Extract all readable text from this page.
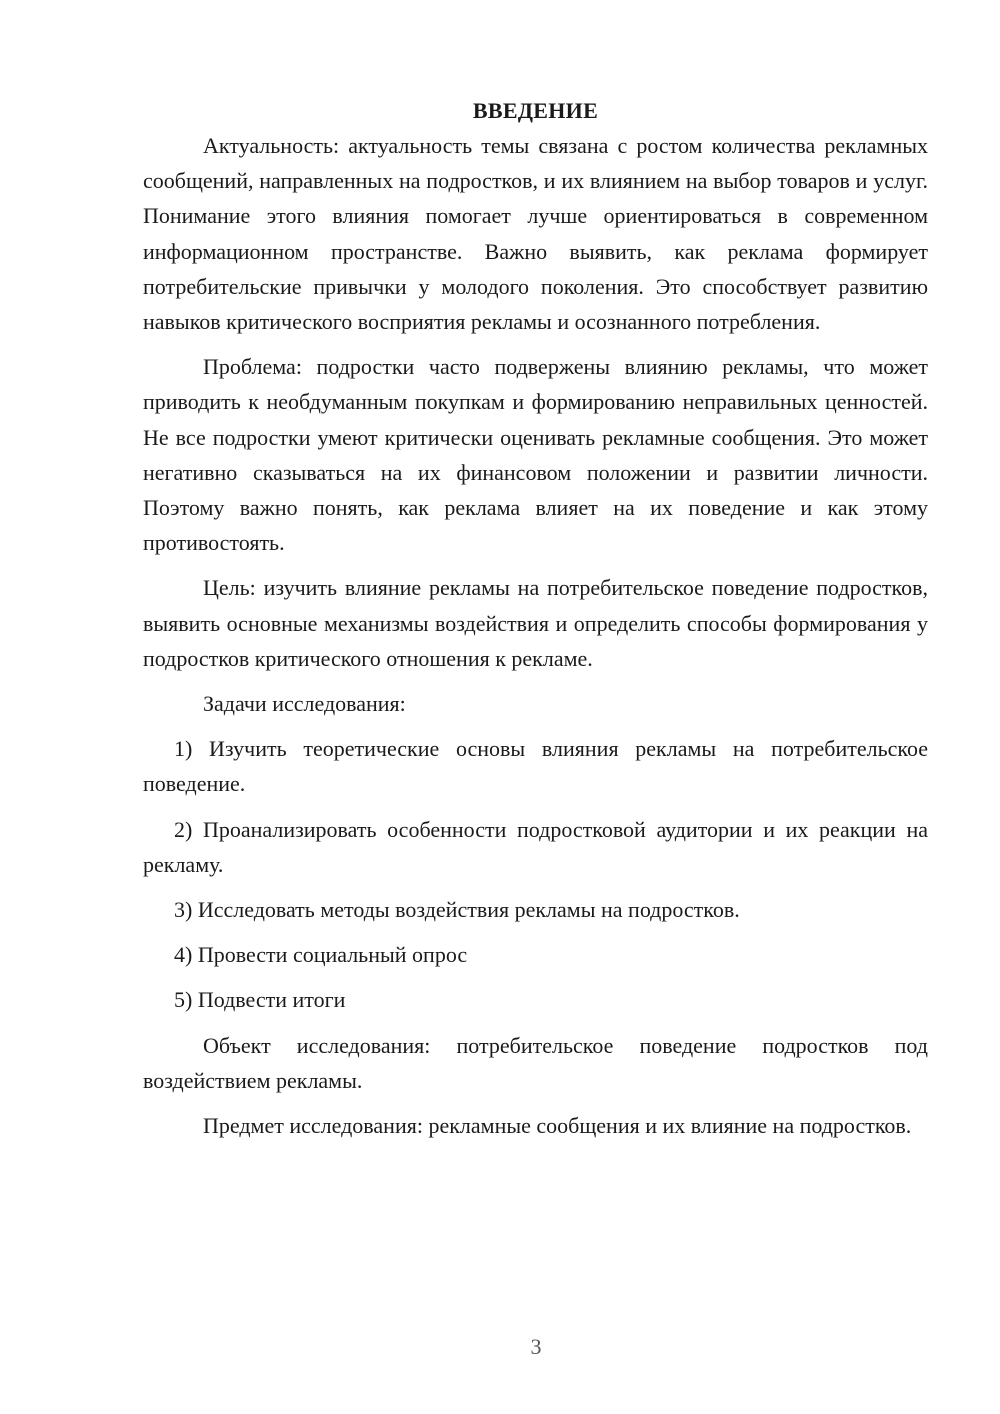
ВВЕДЕНИЕ

Актуальность: актуальность темы связана с ростом количества рекламных сообщений, направленных на подростков, и их влиянием на выбор товаров и услуг. Понимание этого влияния помогает лучше ориентироваться в современном информационном пространстве. Важно выявить, как реклама формирует потребительские привычки у молодого поколения. Это способствует развитию навыков критического восприятия рекламы и осознанного потребления.

Проблема: подростки часто подвержены влиянию рекламы, что может приводить к необдуманным покупкам и формированию неправильных ценностей. Не все подростки умеют критически оценивать рекламные сообщения. Это может негативно сказываться на их финансовом положении и развитии личности. Поэтому важно понять, как реклама влияет на их поведение и как этому противостоять.

Цель: изучить влияние рекламы на потребительское поведение подростков, выявить основные механизмы воздействия и определить способы формирования у подростков критического отношения к рекламе.

Задачи исследования:

1) Изучить теоретические основы влияния рекламы на потребительское поведение.

2) Проанализировать особенности подростковой аудитории и их реакции на рекламу.

3) Исследовать методы воздействия рекламы на подростков.

4) Провести социальный опрос

5) Подвести итоги

Объект исследования: потребительское поведение подростков под воздействием рекламы.

Предмет исследования: рекламные сообщения и их влияние на подростков.

3
